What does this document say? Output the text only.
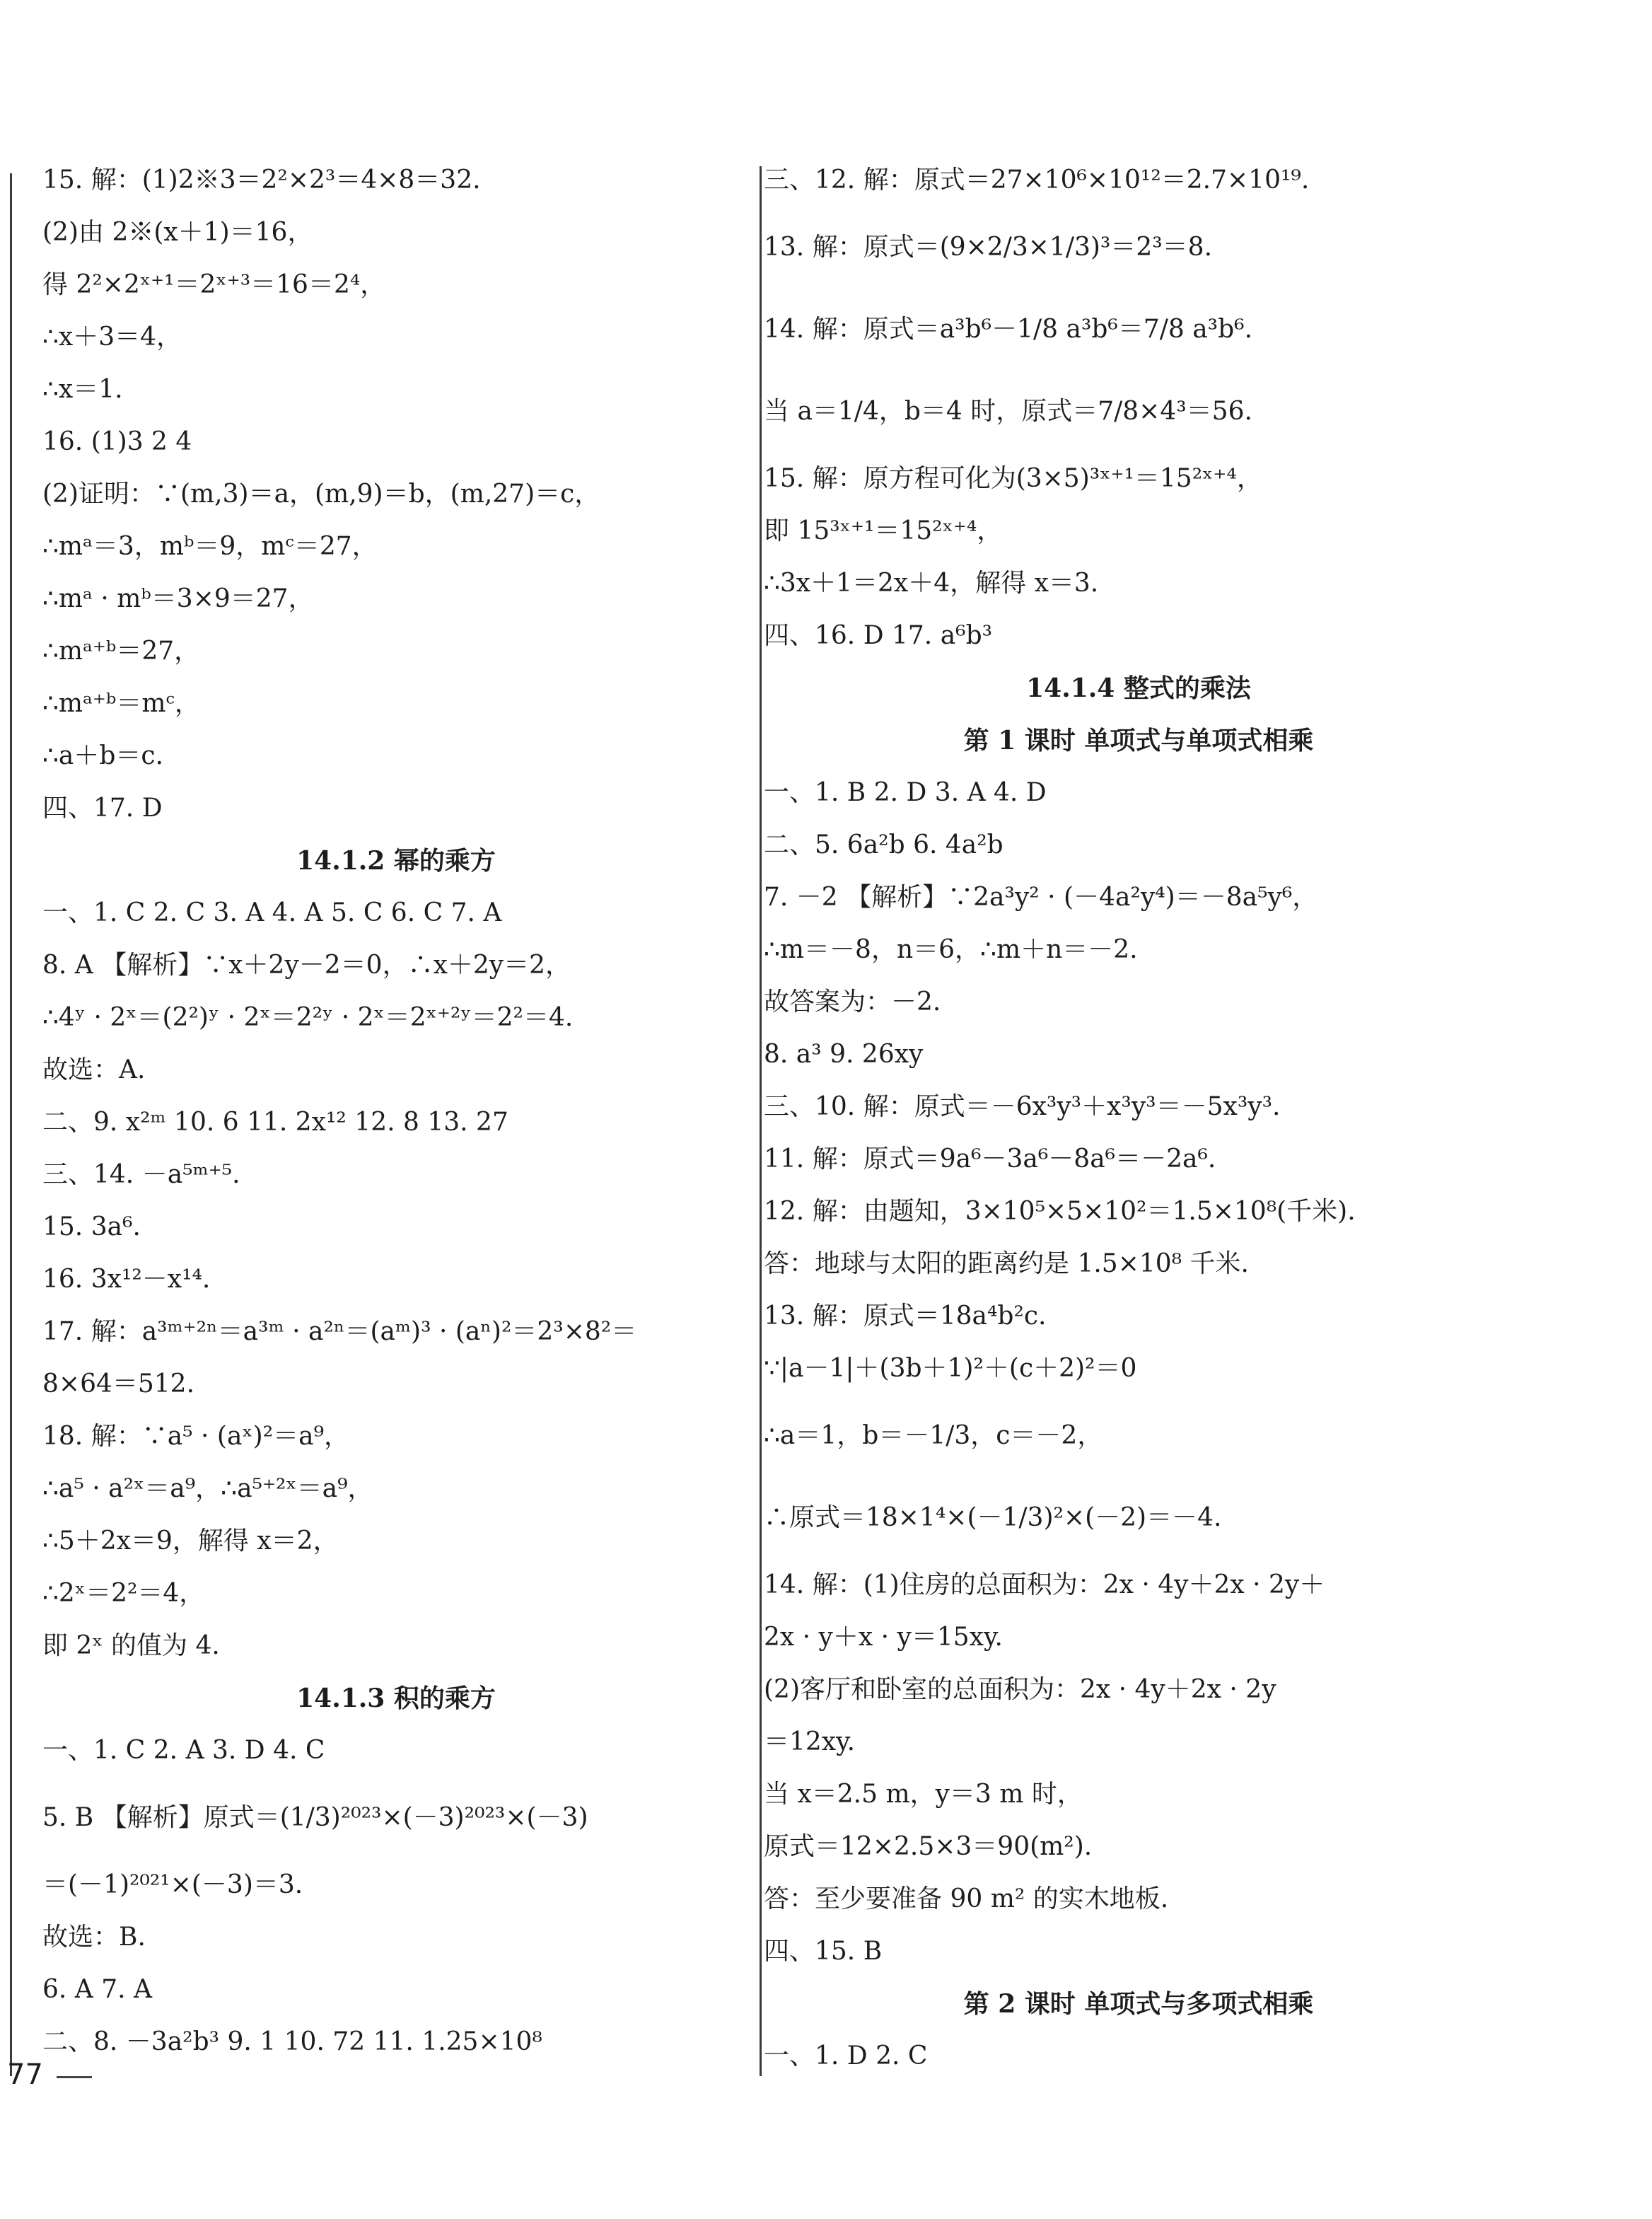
15. 解：(1)2※3＝2²×2³＝4×8＝32.
(2)由 2※(x＋1)＝16，
得 2²×2ˣ⁺¹＝2ˣ⁺³＝16＝2⁴，
∴x＋3＝4，
∴x＝1.
16. (1)3 2 4
(2)证明：∵(m,3)＝a，(m,9)＝b，(m,27)＝c，
∴mᵃ＝3，mᵇ＝9，mᶜ＝27，
∴mᵃ · mᵇ＝3×9＝27，
∴mᵃ⁺ᵇ＝27，
∴mᵃ⁺ᵇ＝mᶜ，
∴a＋b＝c.
四、17. D
14.1.2 幂的乘方
一、1. C 2. C 3. A 4. A 5. C 6. C 7. A
8. A 【解析】∵x＋2y－2＝0，∴x＋2y＝2，
∴4ʸ · 2ˣ＝(2²)ʸ · 2ˣ＝2²ʸ · 2ˣ＝2ˣ⁺²ʸ＝2²＝4.
故选：A.
二、9. x²ᵐ 10. 6 11. 2x¹² 12. 8 13. 27
三、14. －a⁵ᵐ⁺⁵.
15. 3a⁶.
16. 3x¹²－x¹⁴.
17. 解：a³ᵐ⁺²ⁿ＝a³ᵐ · a²ⁿ＝(aᵐ)³ · (aⁿ)²＝2³×8²＝
8×64＝512.
18. 解：∵a⁵ · (aˣ)²＝a⁹，
∴a⁵ · a²ˣ＝a⁹，∴a⁵⁺²ˣ＝a⁹，
∴5＋2x＝9，解得 x＝2，
∴2ˣ＝2²＝4，
即 2ˣ 的值为 4.
14.1.3 积的乘方
一、1. C 2. A 3. D 4. C
5. B 【解析】原式＝(1/3)²⁰²³×(－3)²⁰²³×(－3)
＝(－1)²⁰²¹×(－3)＝3.
故选：B.
6. A 7. A
二、8. －3a²b³ 9. 1 10. 72 11. 1.25×10⁸
三、12. 解：原式＝27×10⁶×10¹²＝2.7×10¹⁹.
13. 解：原式＝(9×2/3×1/3)³＝2³＝8.
14. 解：原式＝a³b⁶－1/8 a³b⁶＝7/8 a³b⁶.
当 a＝1/4，b＝4 时，原式＝7/8×4³＝56.
15. 解：原方程可化为(3×5)³ˣ⁺¹＝15²ˣ⁺⁴，
即 15³ˣ⁺¹＝15²ˣ⁺⁴，
∴3x＋1＝2x＋4，解得 x＝3.
四、16. D 17. a⁶b³
14.1.4 整式的乘法
第 1 课时 单项式与单项式相乘
一、1. B 2. D 3. A 4. D
二、5. 6a²b 6. 4a²b
7. －2 【解析】∵2a³y² · (－4a²y⁴)＝－8a⁵y⁶，
∴m＝－8，n＝6，∴m＋n＝－2.
故答案为：－2.
8. a³ 9. 26xy
三、10. 解：原式＝－6x³y³＋x³y³＝－5x³y³.
11. 解：原式＝9a⁶－3a⁶－8a⁶＝－2a⁶.
12. 解：由题知，3×10⁵×5×10²＝1.5×10⁸(千米).
答：地球与太阳的距离约是 1.5×10⁸ 千米.
13. 解：原式＝18a⁴b²c.
∵|a－1|＋(3b＋1)²＋(c＋2)²＝0
∴a＝1，b＝－1/3，c＝－2，
∴原式＝18×1⁴×(－1/3)²×(－2)＝－4.
14. 解：(1)住房的总面积为：2x · 4y＋2x · 2y＋
2x · y＋x · y＝15xy.
(2)客厅和卧室的总面积为：2x · 4y＋2x · 2y
＝12xy.
当 x＝2.5 m，y＝3 m 时，
原式＝12×2.5×3＝90(m²).
答：至少要准备 90 m² 的实木地板.
四、15. B
第 2 课时 单项式与多项式相乘
一、1. D 2. C
77
